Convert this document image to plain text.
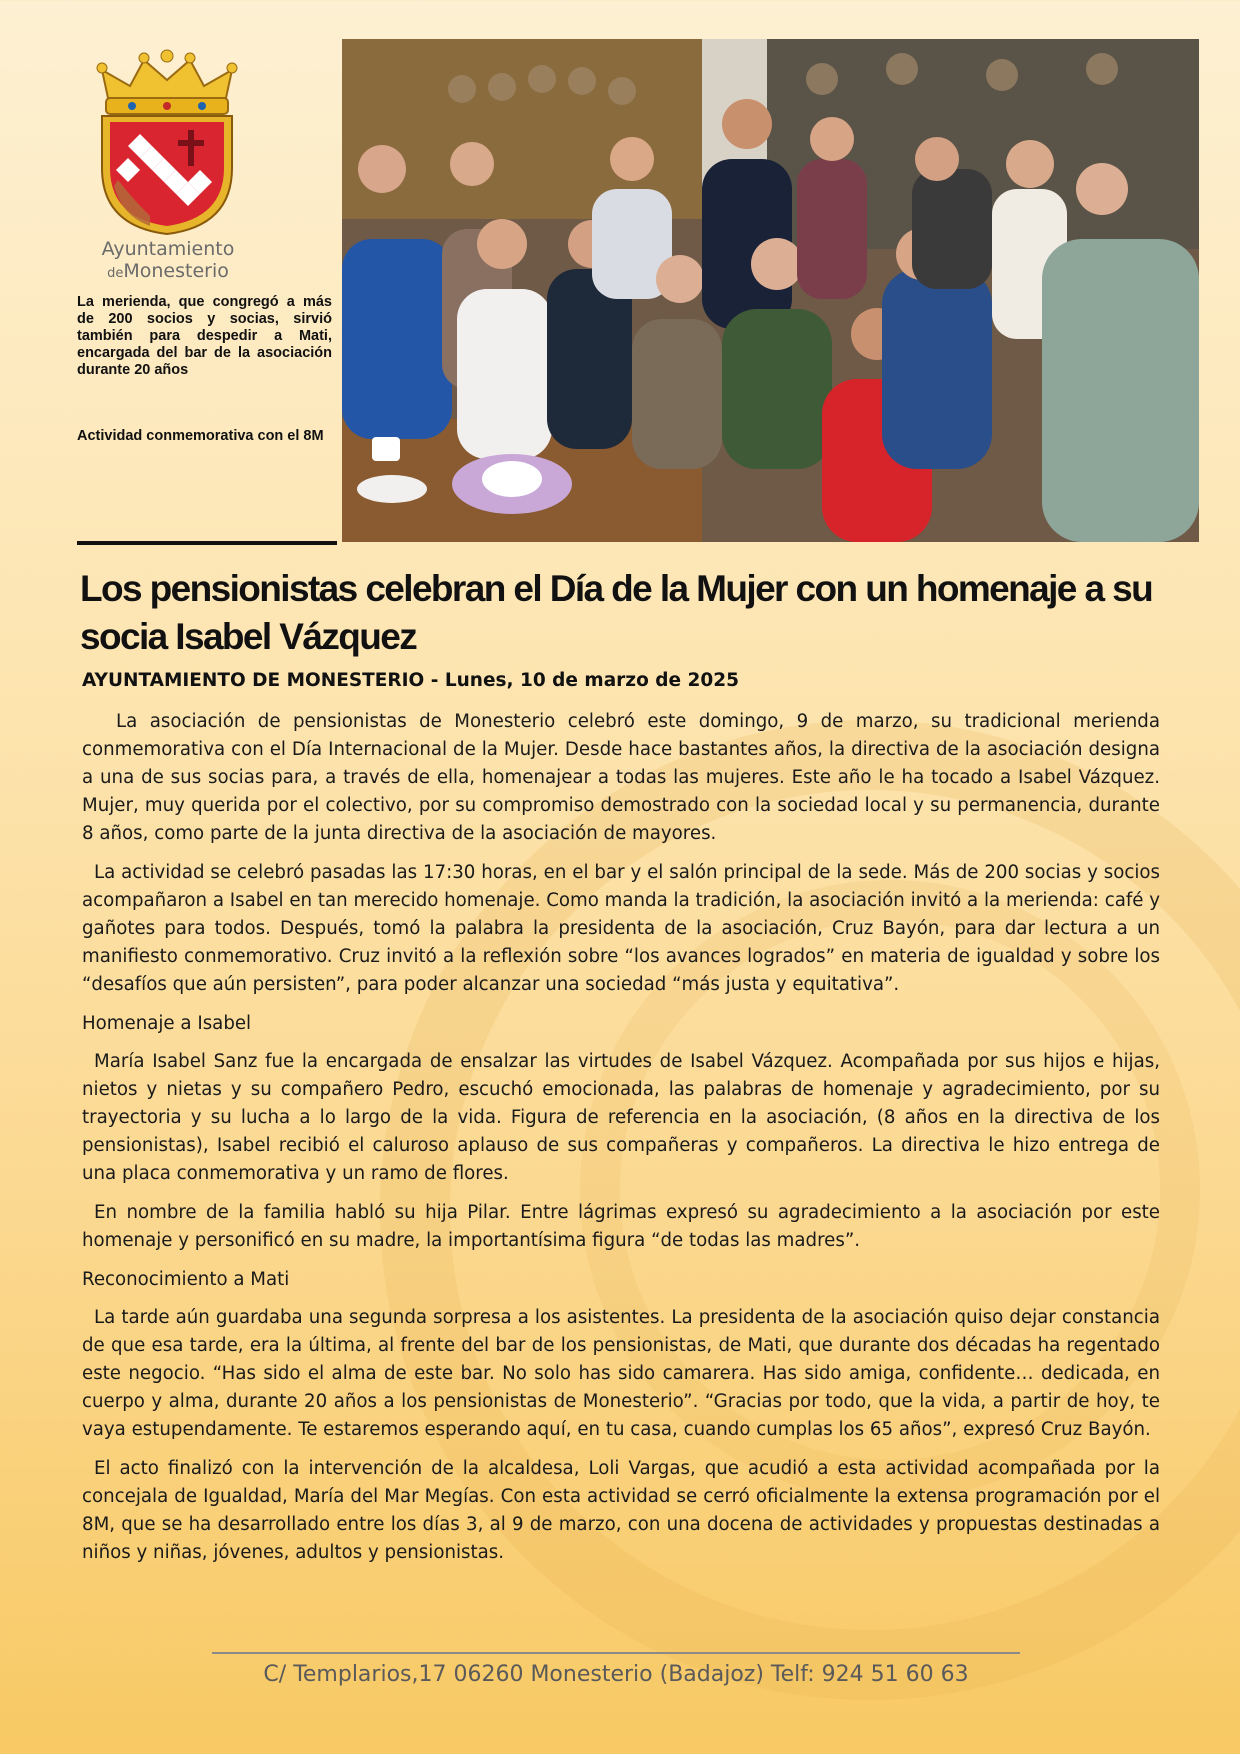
Ayuntamiento
deMonesterio
La merienda, que congregó a más de 200 socios y socias, sirvió también para despedir a Mati, encargada del bar de la asociación durante 20 años
Actividad conmemorativa con el 8M
Los pensionistas celebran el Día de la Mujer con un homenaje a su socia Isabel Vázquez
AYUNTAMIENTO DE MONESTERIO - Lunes, 10 de marzo de 2025

La asociación de pensionistas de Monesterio celebró este domingo, 9 de marzo, su tradicional merienda conmemorativa con el Día Internacional de la Mujer. Desde hace bastantes años, la directiva de la asociación designa a una de sus socias para, a través de ella, homenajear a todas las mujeres. Este año le ha tocado a Isabel Vázquez. Mujer, muy querida por el colectivo, por su compromiso demostrado con la sociedad local y su permanencia, durante 8 años, como parte de la junta directiva de la asociación de mayores.

La actividad se celebró pasadas las 17:30 horas, en el bar y el salón principal de la sede. Más de 200 socias y socios acompañaron a Isabel en tan merecido homenaje. Como manda la tradición, la asociación invitó a la merienda: café y gañotes para todos. Después, tomó la palabra la presidenta de la asociación, Cruz Bayón, para dar lectura a un manifiesto conmemorativo. Cruz invitó a la reflexión sobre “los avances logrados” en materia de igualdad y sobre los “desafíos que aún persisten”, para poder alcanzar una sociedad “más justa y equitativa”.

Homenaje a Isabel

María Isabel Sanz fue la encargada de ensalzar las virtudes de Isabel Vázquez. Acompañada por sus hijos e hijas, nietos y nietas y su compañero Pedro, escuchó emocionada, las palabras de homenaje y agradecimiento, por su trayectoria y su lucha a lo largo de la vida. Figura de referencia en la asociación, (8 años en la directiva de los pensionistas), Isabel recibió el caluroso aplauso de sus compañeras y compañeros. La directiva le hizo entrega de una placa conmemorativa y un ramo de flores.

En nombre de la familia habló su hija Pilar. Entre lágrimas expresó su agradecimiento a la asociación por este homenaje y personificó en su madre, la importantísima figura “de todas las madres”.

Reconocimiento a Mati

La tarde aún guardaba una segunda sorpresa a los asistentes. La presidenta de la asociación quiso dejar constancia de que esa tarde, era la última, al frente del bar de los pensionistas, de Mati, que durante dos décadas ha regentado este negocio. “Has sido el alma de este bar. No solo has sido camarera. Has sido amiga, confidente… dedicada, en cuerpo y alma, durante 20 años a los pensionistas de Monesterio”. “Gracias por todo, que la vida, a partir de hoy, te vaya estupendamente. Te estaremos esperando aquí, en tu casa, cuando cumplas los 65 años”, expresó Cruz Bayón.

El acto finalizó con la intervención de la alcaldesa, Loli Vargas, que acudió a esta actividad acompañada por la concejala de Igualdad, María del Mar Megías. Con esta actividad se cerró oficialmente la extensa programación por el 8M, que se ha desarrollado entre los días 3, al 9 de marzo, con una docena de actividades y propuestas destinadas a niños y niñas, jóvenes, adultos y pensionistas.

C/ Templarios,17 06260 Monesterio (Badajoz) Telf: 924 51 60 63
